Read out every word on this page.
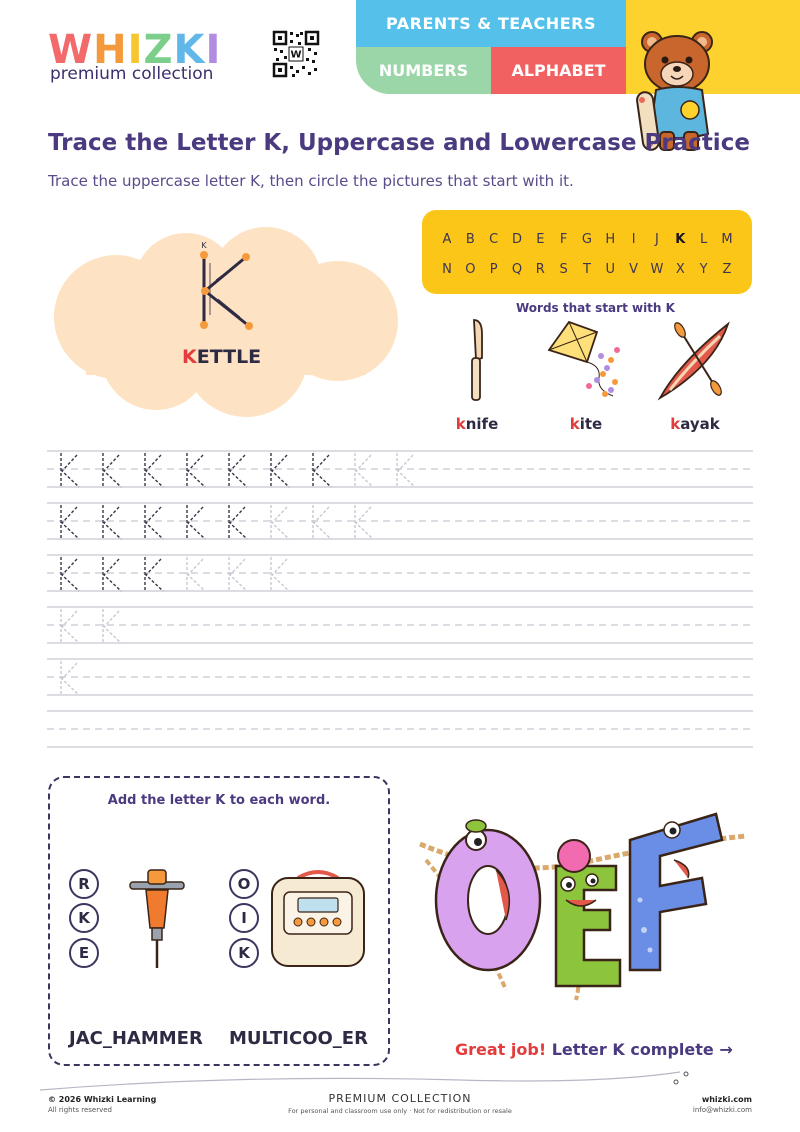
WHIZKI
premium collection
W
PARENTS & TEACHERS
NUMBERS	ALPHABET
Trace the Letter K, Uppercase and Lowercase Practice
Trace the uppercase letter K, then circle the pictures that start with it.
K
KETTLE
A	B	C	D	E	F	G	H	I	J	K	L	M
N	O	P	Q	R	S	T	U	V W X	Y	Z
Words that start with K
knife	kite	kayak
Add the letter K to each word.
R
K
E
O
I
K
JAC_HAMMER MULTICOO_ER
Great job! Letter K complete →
© 2026 Whizki Learning
All rights reserved
PREMIUM COLLECTION
For personal and classroom use only · Not for redistribution or resale
whizki.com
info@whizki.com
